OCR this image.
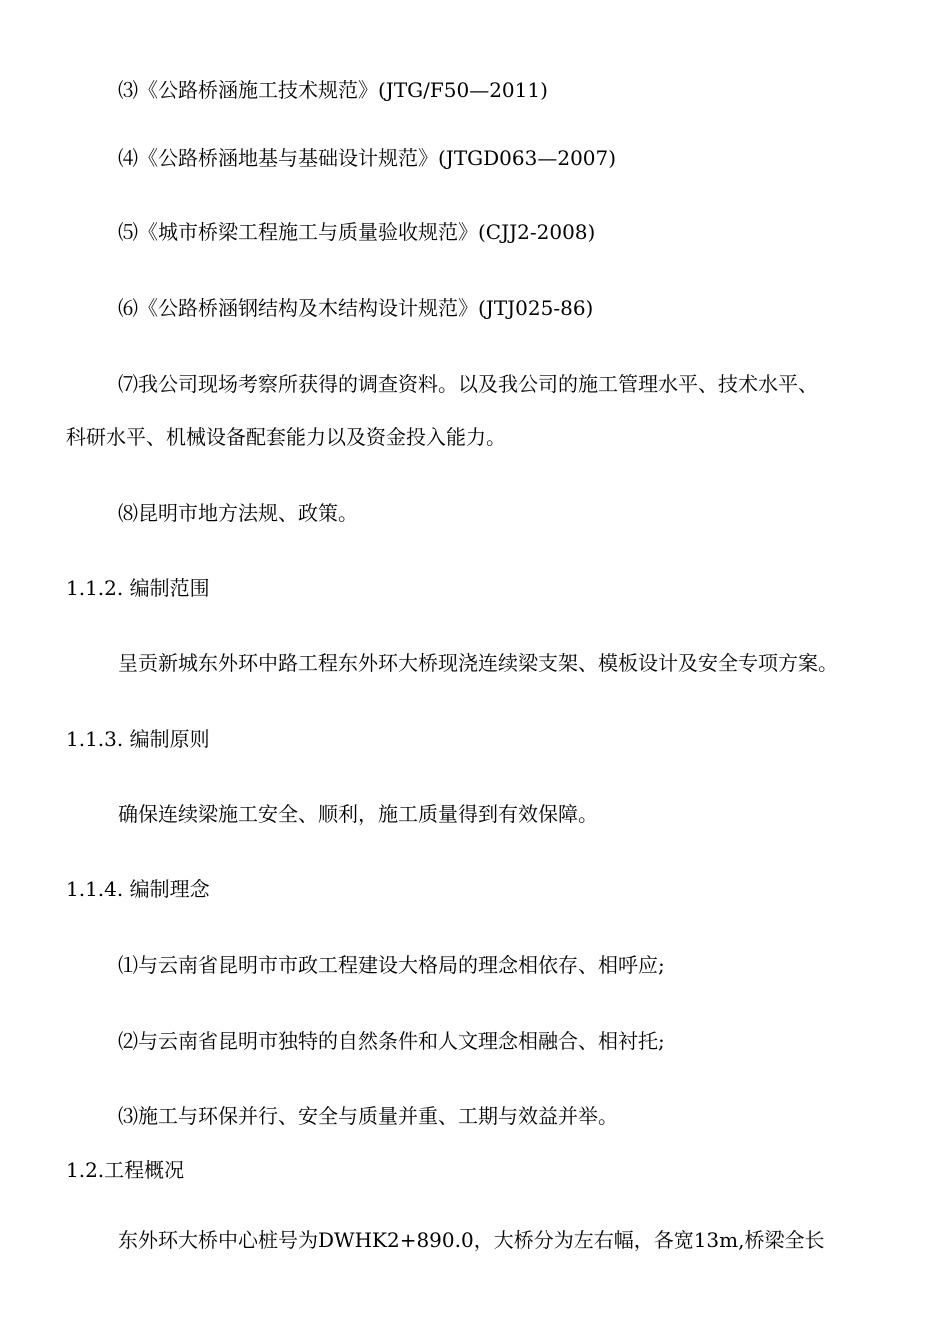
⑶《公路桥涵施工技术规范》(JTG/F50—2011)
⑷《公路桥涵地基与基础设计规范》(JTGD063—2007)
⑸《城市桥梁工程施工与质量验收规范》(CJJ2-2008)
⑹《公路桥涵钢结构及木结构设计规范》(JTJ025-86)
⑺我公司现场考察所获得的调查资料。以及我公司的施工管理水平、技术水平、
科研水平、机械设备配套能力以及资金投入能力。
⑻昆明市地方法规、政策。
1.1.2. 编制范围
呈贡新城东外环中路工程东外环大桥现浇连续梁支架、模板设计及安全专项方案。
1.1.3. 编制原则
确保连续梁施工安全、顺利，施工质量得到有效保障。
1.1.4. 编制理念
⑴与云南省昆明市市政工程建设大格局的理念相依存、相呼应;
⑵与云南省昆明市独特的自然条件和人文理念相融合、相衬托;
⑶施工与环保并行、安全与质量并重、工期与效益并举。
1.2.工程概况
东外环大桥中心桩号为DWHK2+890.0，大桥分为左右幅，各宽13m,桥梁全长
